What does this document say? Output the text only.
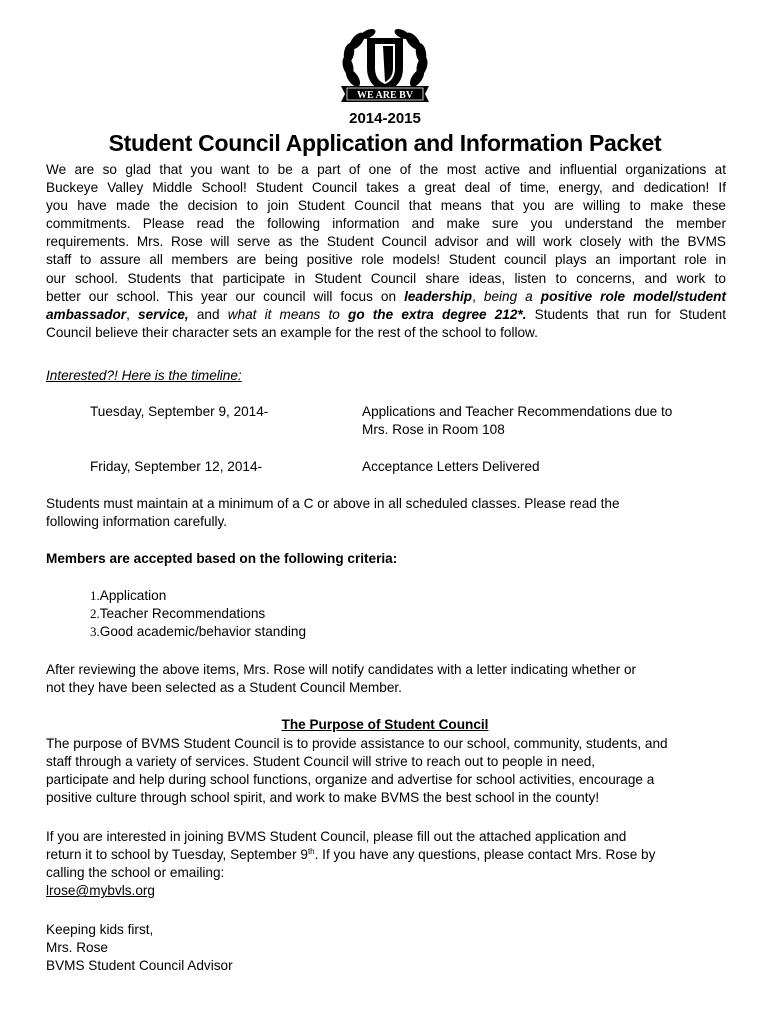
WE ARE BV
2014-2015
Student Council Application and Information Packet
We are so glad that you want to be a part of one of the most active and influential organizations at
Buckeye Valley Middle School! Student Council takes a great deal of time, energy, and dedication! If
you have made the decision to join Student Council that means that you are willing to make these
commitments. Please read the following information and make sure you understand the member
requirements. Mrs. Rose will serve as the Student Council advisor and will work closely with the BVMS
staff to assure all members are being positive role models! Student council plays an important role in
our school. Students that participate in Student Council share ideas, listen to concerns, and work to
better our school. This year our council will focus on leadership, being a positive role model/student
ambassador, service, and what it means to go the extra degree 212*. Students that run for Student
Council believe their character sets an example for the rest of the school to follow.
Interested?! Here is the timeline:
Tuesday, September 9, 2014-	Applications and Teacher Recommendations due to
Mrs. Rose in Room 108
Friday, September 12, 2014-	Acceptance Letters Delivered
Students must maintain at a minimum of a C or above in all scheduled classes. Please read the
following information carefully.
Members are accepted based on the following criteria:
1.Application
2.Teacher Recommendations
3.Good academic/behavior standing
After reviewing the above items, Mrs. Rose will notify candidates with a letter indicating whether or
not they have been selected as a Student Council Member.
The Purpose of Student Council
The purpose of BVMS Student Council is to provide assistance to our school, community, students, and
staff through a variety of services. Student Council will strive to reach out to people in need,
participate and help during school functions, organize and advertise for school activities, encourage a
positive culture through school spirit, and work to make BVMS the best school in the county!
If you are interested in joining BVMS Student Council, please fill out the attached application and
return it to school by Tuesday, September 9th. If you have any questions, please contact Mrs. Rose by
calling the school or emailing:
lrose@mybvls.org
Keeping kids first,
Mrs. Rose
BVMS Student Council Advisor
